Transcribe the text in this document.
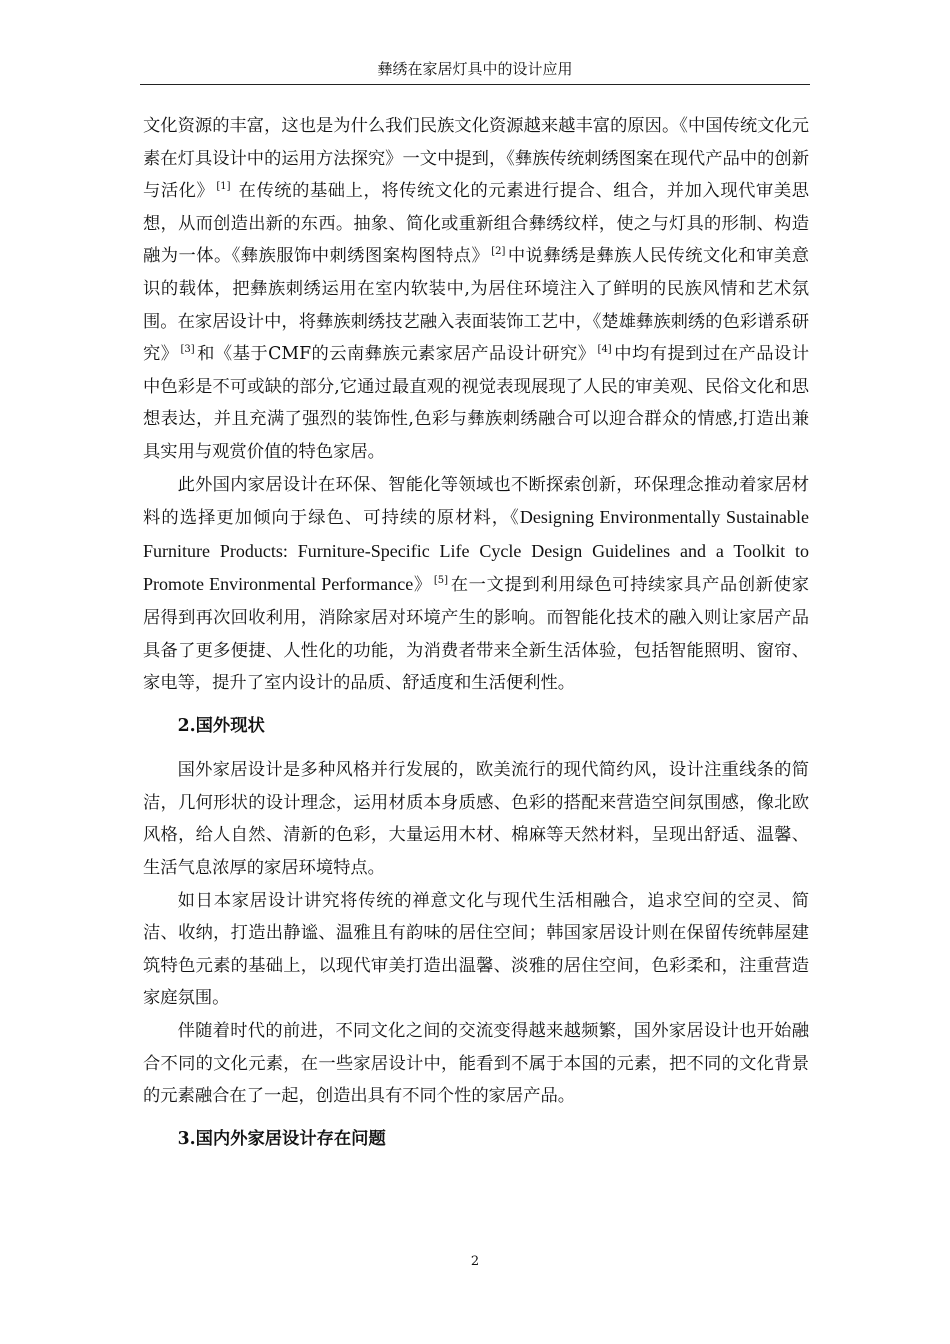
彝绣在家居灯具中的设计应用

文化资源的丰富，这也是为什么我们民族文化资源越来越丰富的原因。《中国传统文化元素在灯具设计中的运用方法探究》一文中提到，《彝族传统刺绣图案在现代产品中的创新与活化》 [1] 在传统的基础上，将传统文化的元素进行提合、组合，并加入现代审美思想，从而创造出新的东西。抽象、简化或重新组合彝绣纹样，使之与灯具的形制、构造融为一体。《彝族服饰中刺绣图案构图特点》 [2] 中说彝绣是彝族人民传统文化和审美意识的载体，把彝族刺绣运用在室内软装中,为居住环境注入了鲜明的民族风情和艺术氛围。在家居设计中，将彝族刺绣技艺融入表面装饰工艺中，《楚雄彝族刺绣的色彩谱系研究》 [3] 和《基于CMF的云南彝族元素家居产品设计研究》 [4] 中均有提到过在产品设计中色彩是不可或缺的部分,它通过最直观的视觉表现展现了人民的审美观、民俗文化和思想表达，并且充满了强烈的装饰性,色彩与彝族刺绣融合可以迎合群众的情感,打造出兼具实用与观赏价值的特色家居。

此外国内家居设计在环保、智能化等领域也不断探索创新，环保理念推动着家居材料的选择更加倾向于绿色、可持续的原材料，《Designing Environmentally Sustainable Furniture Products: Furniture-Specific Life Cycle Design Guidelines and a Toolkit to Promote Environmental Performance》 [5] 在一文提到利用绿色可持续家具产品创新使家居得到再次回收利用，消除家居对环境产生的影响。而智能化技术的融入则让家居产品具备了更多便捷、人性化的功能，为消费者带来全新生活体验，包括智能照明、窗帘、家电等，提升了室内设计的品质、舒适度和生活便利性。

2.国外现状

国外家居设计是多种风格并行发展的，欧美流行的现代简约风，设计注重线条的简洁，几何形状的设计理念，运用材质本身质感、色彩的搭配来营造空间氛围感，像北欧风格，给人自然、清新的色彩，大量运用木材、棉麻等天然材料，呈现出舒适、温馨、生活气息浓厚的家居环境特点。

如日本家居设计讲究将传统的禅意文化与现代生活相融合，追求空间的空灵、简洁、收纳，打造出静谧、温雅且有韵味的居住空间；韩国家居设计则在保留传统韩屋建筑特色元素的基础上，以现代审美打造出温馨、淡雅的居住空间，色彩柔和，注重营造家庭氛围。

伴随着时代的前进，不同文化之间的交流变得越来越频繁，国外家居设计也开始融合不同的文化元素，在一些家居设计中，能看到不属于本国的元素，把不同的文化背景的元素融合在了一起，创造出具有不同个性的家居产品。

3.国内外家居设计存在问题
2
